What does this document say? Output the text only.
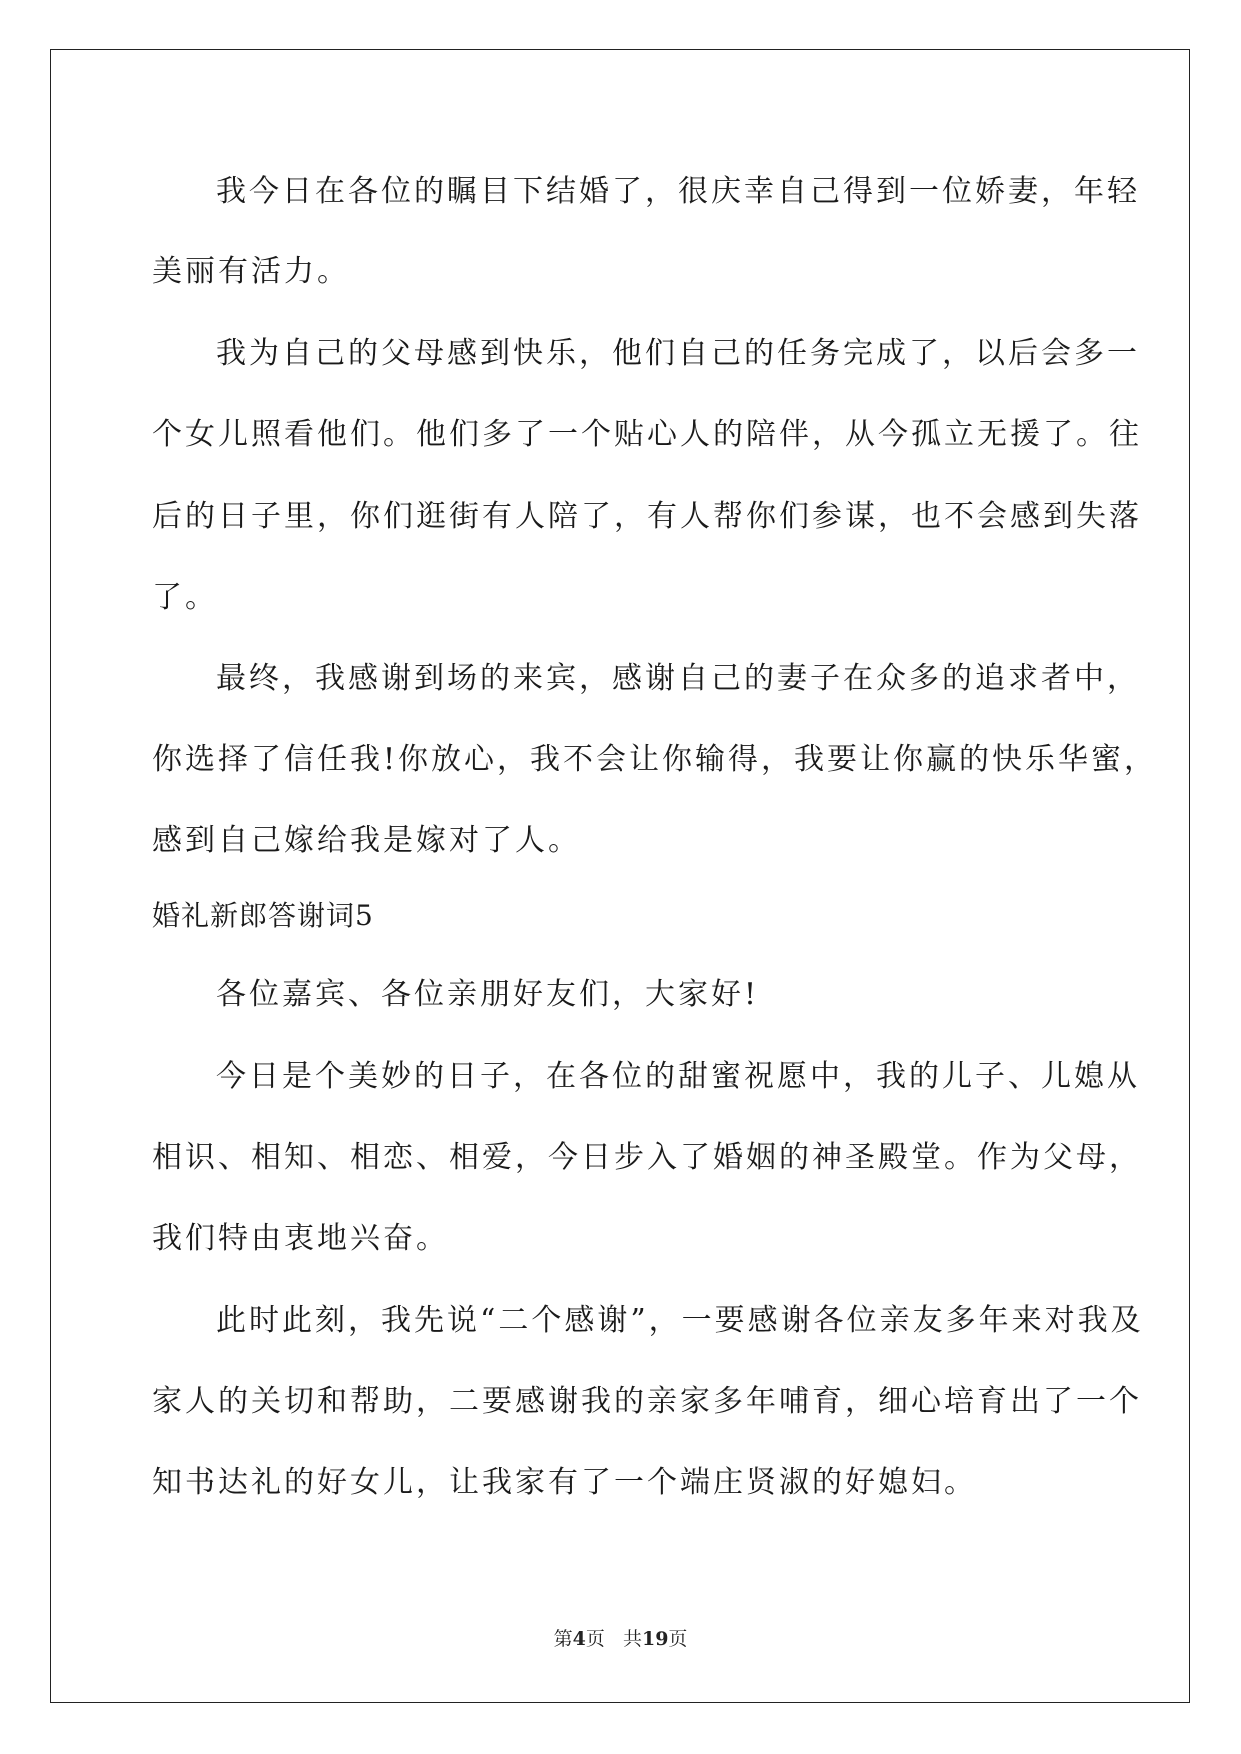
我今日在各位的瞩目下结婚了，很庆幸自己得到一位娇妻，年轻
美丽有活力。
我为自己的父母感到快乐，他们自己的任务完成了，以后会多一
个女儿照看他们。他们多了一个贴心人的陪伴，从今孤立无援了。往
后的日子里，你们逛街有人陪了，有人帮你们参谋，也不会感到失落
了。
最终，我感谢到场的来宾，感谢自己的妻子在众多的追求者中，
你选择了信任我!你放心，我不会让你输得，我要让你赢的快乐华蜜，
感到自己嫁给我是嫁对了人。
婚礼新郎答谢词5
各位嘉宾、各位亲朋好友们，大家好!
今日是个美妙的日子，在各位的甜蜜祝愿中，我的儿子、儿媳从
相识、相知、相恋、相爱，今日步入了婚姻的神圣殿堂。作为父母，
我们特由衷地兴奋。
此时此刻，我先说“二个感谢”，一要感谢各位亲友多年来对我及
家人的关切和帮助，二要感谢我的亲家多年哺育，细心培育出了一个
知书达礼的好女儿，让我家有了一个端庄贤淑的好媳妇。
第4页 共19页
